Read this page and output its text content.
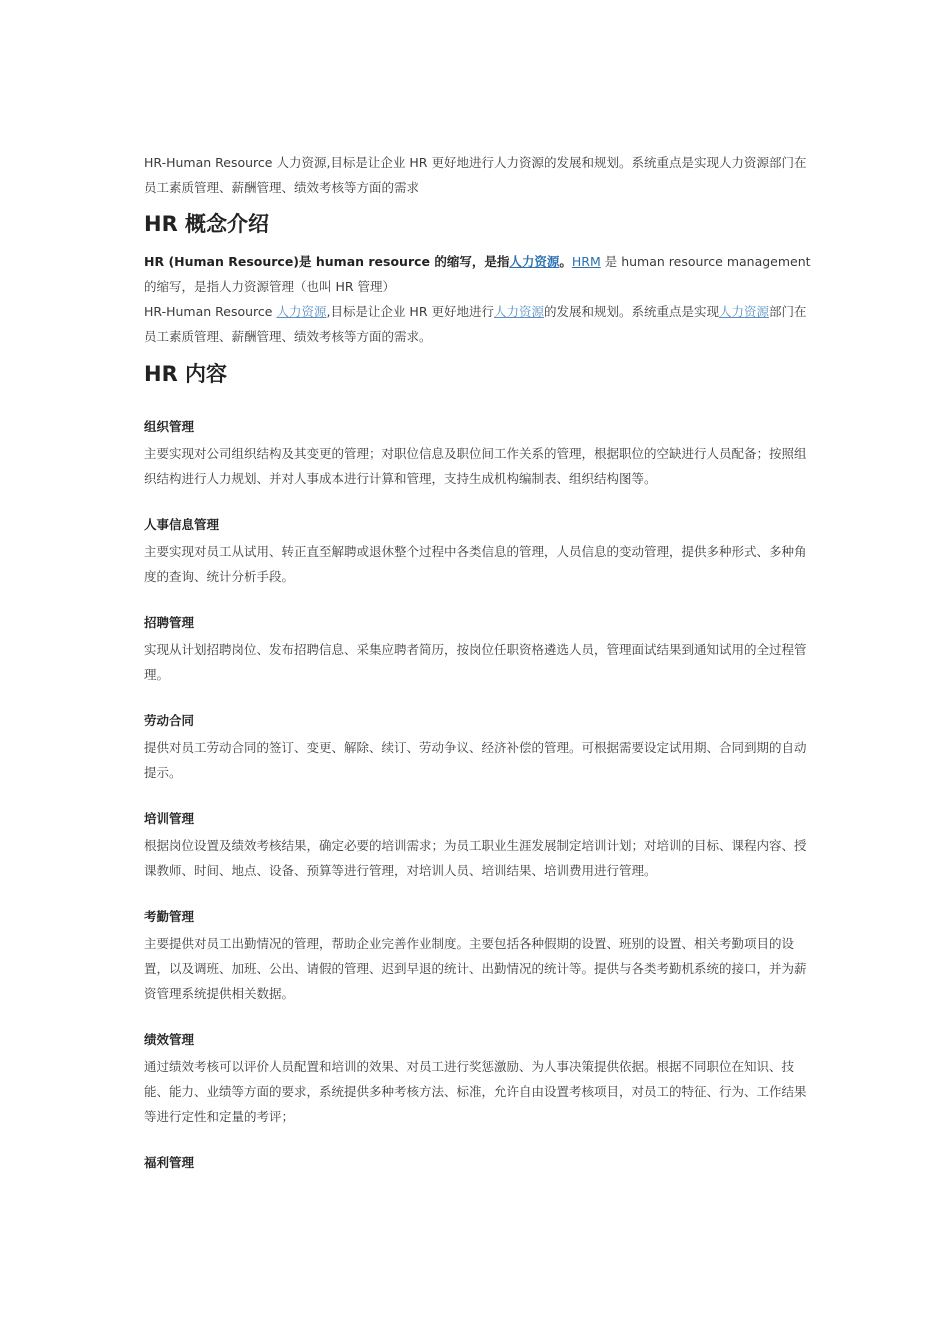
HR-Human Resource 人力资源,目标是让企业 HR 更好地进行人力资源的发展和规划。系统重点是实现人力资源部门在员工素质管理、薪酬管理、绩效考核等方面的需求

HR 概念介绍

HR (Human Resource)是 human resource 的缩写，是指人力资源。HRM 是 human resource management 的缩写，是指人力资源管理（也叫 HR 管理）

HR-Human Resource 人力资源,目标是让企业 HR 更好地进行人力资源的发展和规划。系统重点是实现人力资源部门在员工素质管理、薪酬管理、绩效考核等方面的需求。

HR 内容
组织管理

主要实现对公司组织结构及其变更的管理；对职位信息及职位间工作关系的管理，根据职位的空缺进行人员配备；按照组织结构进行人力规划、并对人事成本进行计算和管理，支持生成机构编制表、组织结构图等。

人事信息管理

主要实现对员工从试用、转正直至解聘或退休整个过程中各类信息的管理，人员信息的变动管理，提供多种形式、多种角度的查询、统计分析手段。

招聘管理

实现从计划招聘岗位、发布招聘信息、采集应聘者简历，按岗位任职资格遴选人员，管理面试结果到通知试用的全过程管理。

劳动合同

提供对员工劳动合同的签订、变更、解除、续订、劳动争议、经济补偿的管理。可根据需要设定试用期、合同到期的自动提示。

培训管理

根据岗位设置及绩效考核结果，确定必要的培训需求；为员工职业生涯发展制定培训计划；对培训的目标、课程内容、授课教师、时间、地点、设备、预算等进行管理，对培训人员、培训结果、培训费用进行管理。

考勤管理

主要提供对员工出勤情况的管理，帮助企业完善作业制度。主要包括各种假期的设置、班别的设置、相关考勤项目的设置，以及调班、加班、公出、请假的管理、迟到早退的统计、出勤情况的统计等。提供与各类考勤机系统的接口，并为薪资管理系统提供相关数据。

绩效管理

通过绩效考核可以评价人员配置和培训的效果、对员工进行奖惩激励、为人事决策提供依据。根据不同职位在知识、技能、能力、业绩等方面的要求，系统提供多种考核方法、标准，允许自由设置考核项目，对员工的特征、行为、工作结果等进行定性和定量的考评；

福利管理
